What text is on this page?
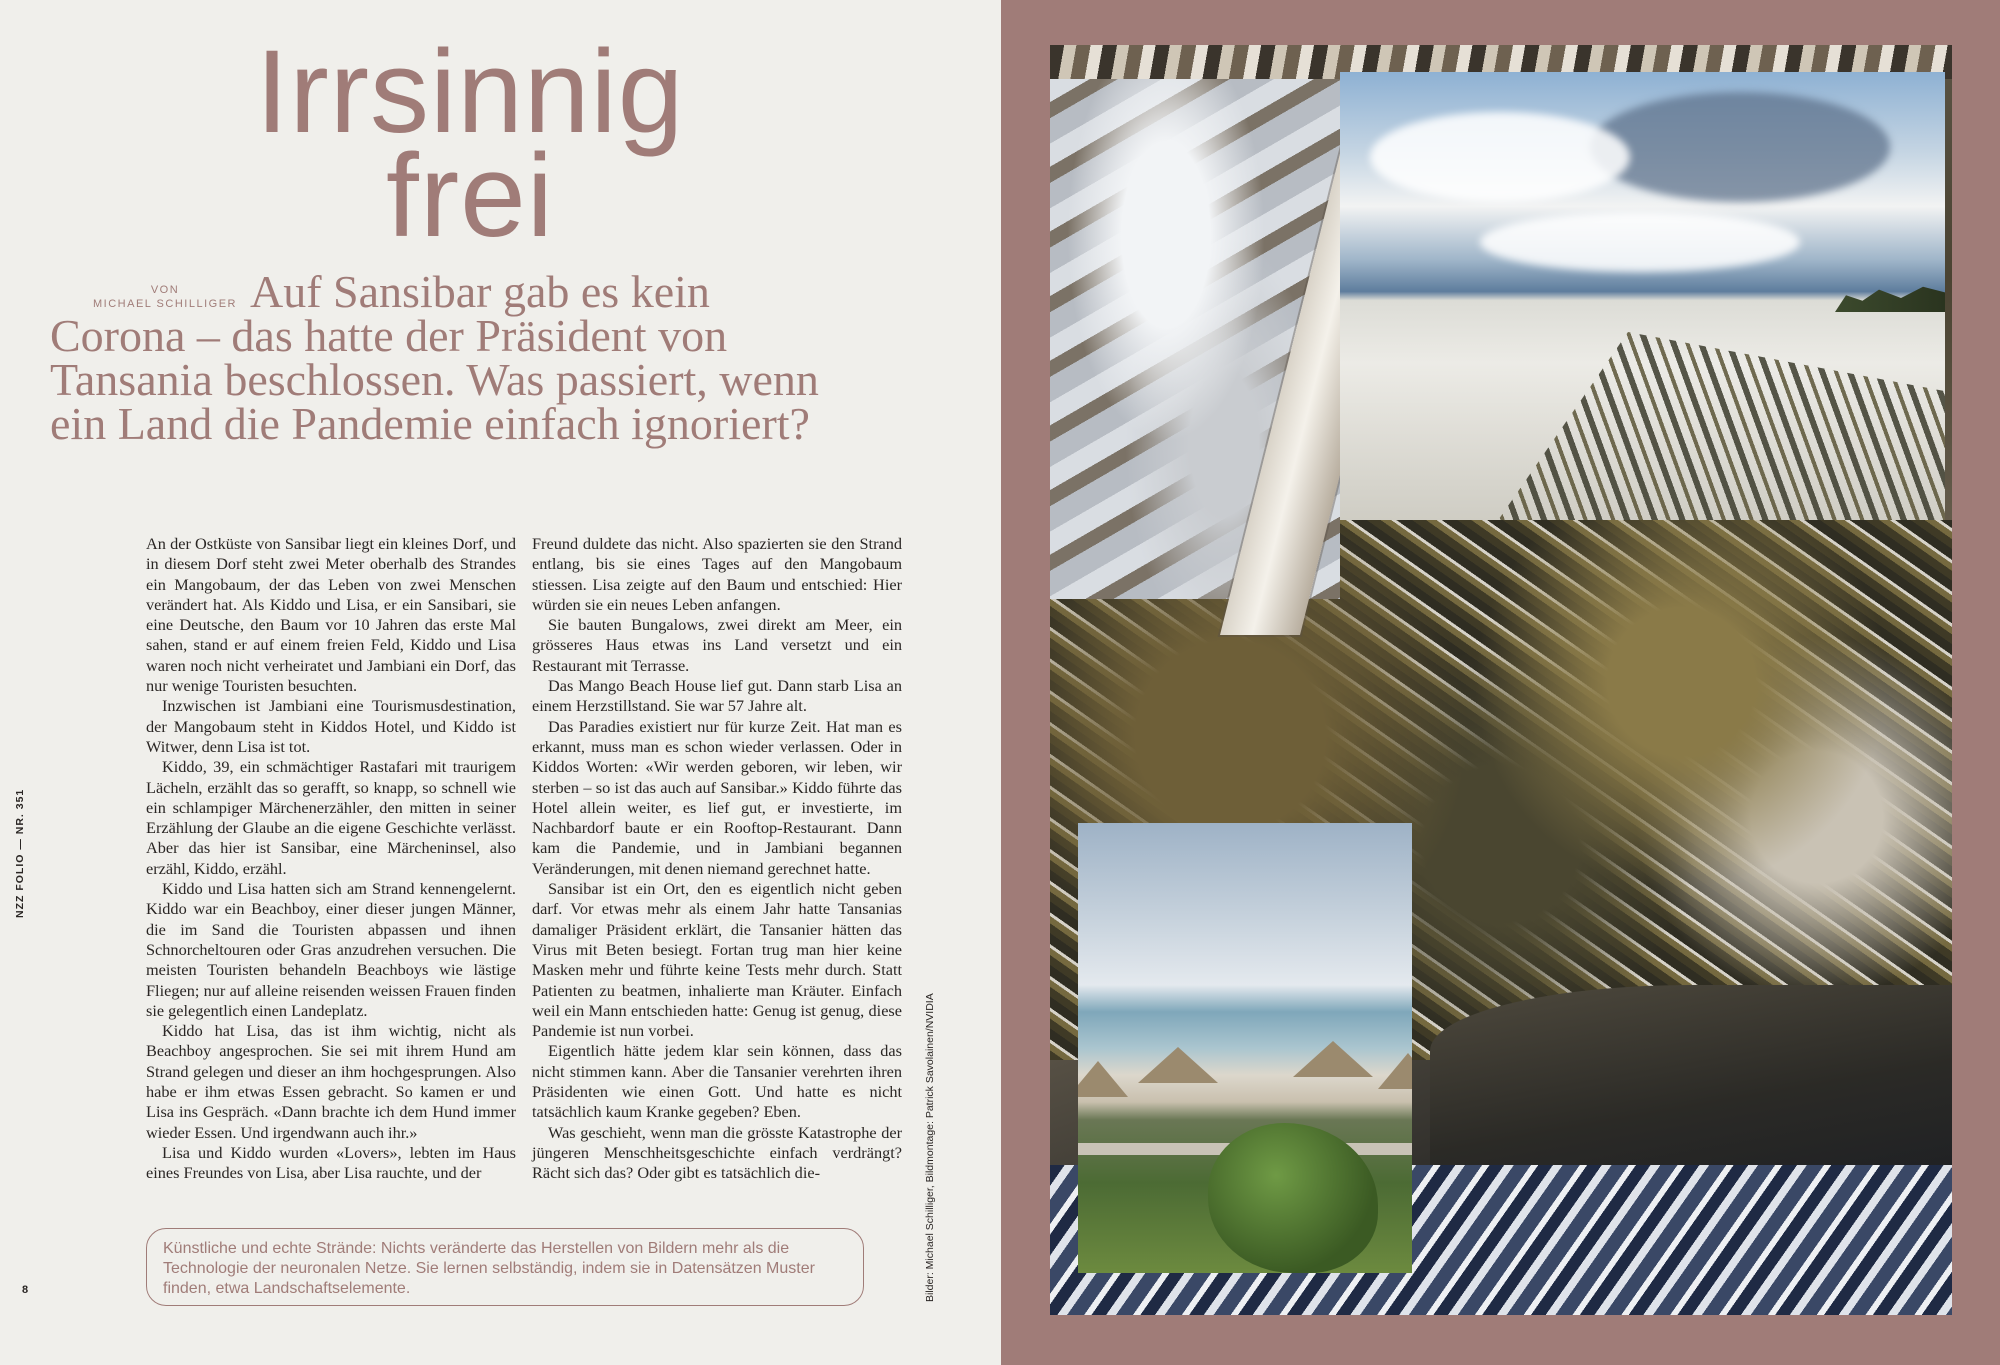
Irrsinnig
frei
VON
MICHAEL SCHILLIGER Auf Sansibar gab es kein
Corona – das hatte der Präsident von
Tansania beschlossen. Was passiert, wenn
ein Land die Pandemie einfach ignoriert?

An der Ostküste von Sansibar liegt ein kleines Dorf, und in diesem Dorf steht zwei Meter oberhalb des Strandes ein Mangobaum, der das Leben von zwei Menschen verändert hat. Als Kiddo und Lisa, er ein Sansibari, sie eine Deutsche, den Baum vor 10 Jahren das erste Mal sahen, stand er auf einem freien Feld, Kiddo und Lisa waren noch nicht verheiratet und Jambiani ein Dorf, das nur wenige Touristen besuchten.

Inzwischen ist Jambiani eine Tourismusdestination, der Mangobaum steht in Kiddos Hotel, und Kiddo ist Witwer, denn Lisa ist tot.

Kiddo, 39, ein schmächtiger Rastafari mit traurigem Lächeln, erzählt das so gerafft, so knapp, so schnell wie ein schlampiger Märchenerzähler, den mitten in seiner Erzählung der Glaube an die eigene Geschichte verlässt. Aber das hier ist Sansibar, eine Märcheninsel, also erzähl, Kiddo, erzähl.

Kiddo und Lisa hatten sich am Strand kennengelernt. Kiddo war ein Beachboy, einer dieser jungen Männer, die im Sand die Touristen abpassen und ihnen Schnorcheltouren oder Gras anzudrehen versuchen. Die meisten Touristen behandeln Beachboys wie lästige Fliegen; nur auf alleine reisenden weissen Frauen finden sie gelegentlich einen Landeplatz.

Kiddo hat Lisa, das ist ihm wichtig, nicht als Beachboy angesprochen. Sie sei mit ihrem Hund am Strand gelegen und dieser an ihm hochgesprungen. Also habe er ihm etwas Essen gebracht. So kamen er und Lisa ins Gespräch. «Dann brachte ich dem Hund immer wieder Essen. Und irgendwann auch ihr.»

Lisa und Kiddo wurden «Lovers», lebten im Haus eines Freundes von Lisa, aber Lisa rauchte, und der

Freund duldete das nicht. Also spazierten sie den Strand entlang, bis sie eines Tages auf den Mangobaum stiessen. Lisa zeigte auf den Baum und entschied: Hier würden sie ein neues Leben anfangen.

Sie bauten Bungalows, zwei direkt am Meer, ein grösseres Haus etwas ins Land versetzt und ein Restaurant mit Terrasse.

Das Mango Beach House lief gut. Dann starb Lisa an einem Herzstillstand. Sie war 57 Jahre alt.

Das Paradies existiert nur für kurze Zeit. Hat man es erkannt, muss man es schon wieder verlassen. Oder in Kiddos Worten: «Wir werden geboren, wir leben, wir sterben – so ist das auch auf Sansibar.» Kiddo führte das Hotel allein weiter, es lief gut, er investierte, im Nachbardorf baute er ein Rooftop-Restaurant. Dann kam die Pandemie, und in Jambiani begannen Veränderungen, mit denen niemand gerechnet hatte.

Sansibar ist ein Ort, den es eigentlich nicht geben darf. Vor etwas mehr als einem Jahr hatte Tansanias damaliger Präsident erklärt, die Tansanier hätten das Virus mit Beten besiegt. Fortan trug man hier keine Masken mehr und führte keine Tests mehr durch. Statt Patienten zu beatmen, inhalierte man Kräuter. Einfach weil ein Mann entschieden hatte: Genug ist genug, diese Pandemie ist nun vorbei.

Eigentlich hätte jedem klar sein können, dass das nicht stimmen kann. Aber die Tansanier verehrten ihren Präsidenten wie einen Gott. Und hatte es nicht tatsächlich kaum Kranke gegeben? Eben.

Was geschieht, wenn man die grösste Katastrophe der jüngeren Menschheitsgeschichte einfach verdrängt? Rächt sich das? Oder gibt es tatsächlich die-

NZZ FOLIO — NR. 351
8	Bilder: Michael Schilliger, Bildmontage: Patrick Savolainen/NVIDIA
Künstliche und echte Strände: Nichts veränderte das Herstellen von Bildern mehr als die Technologie der neuronalen Netze. Sie lernen selbständig, indem sie in Datensätzen Muster finden, etwa Landschaftselemente.
